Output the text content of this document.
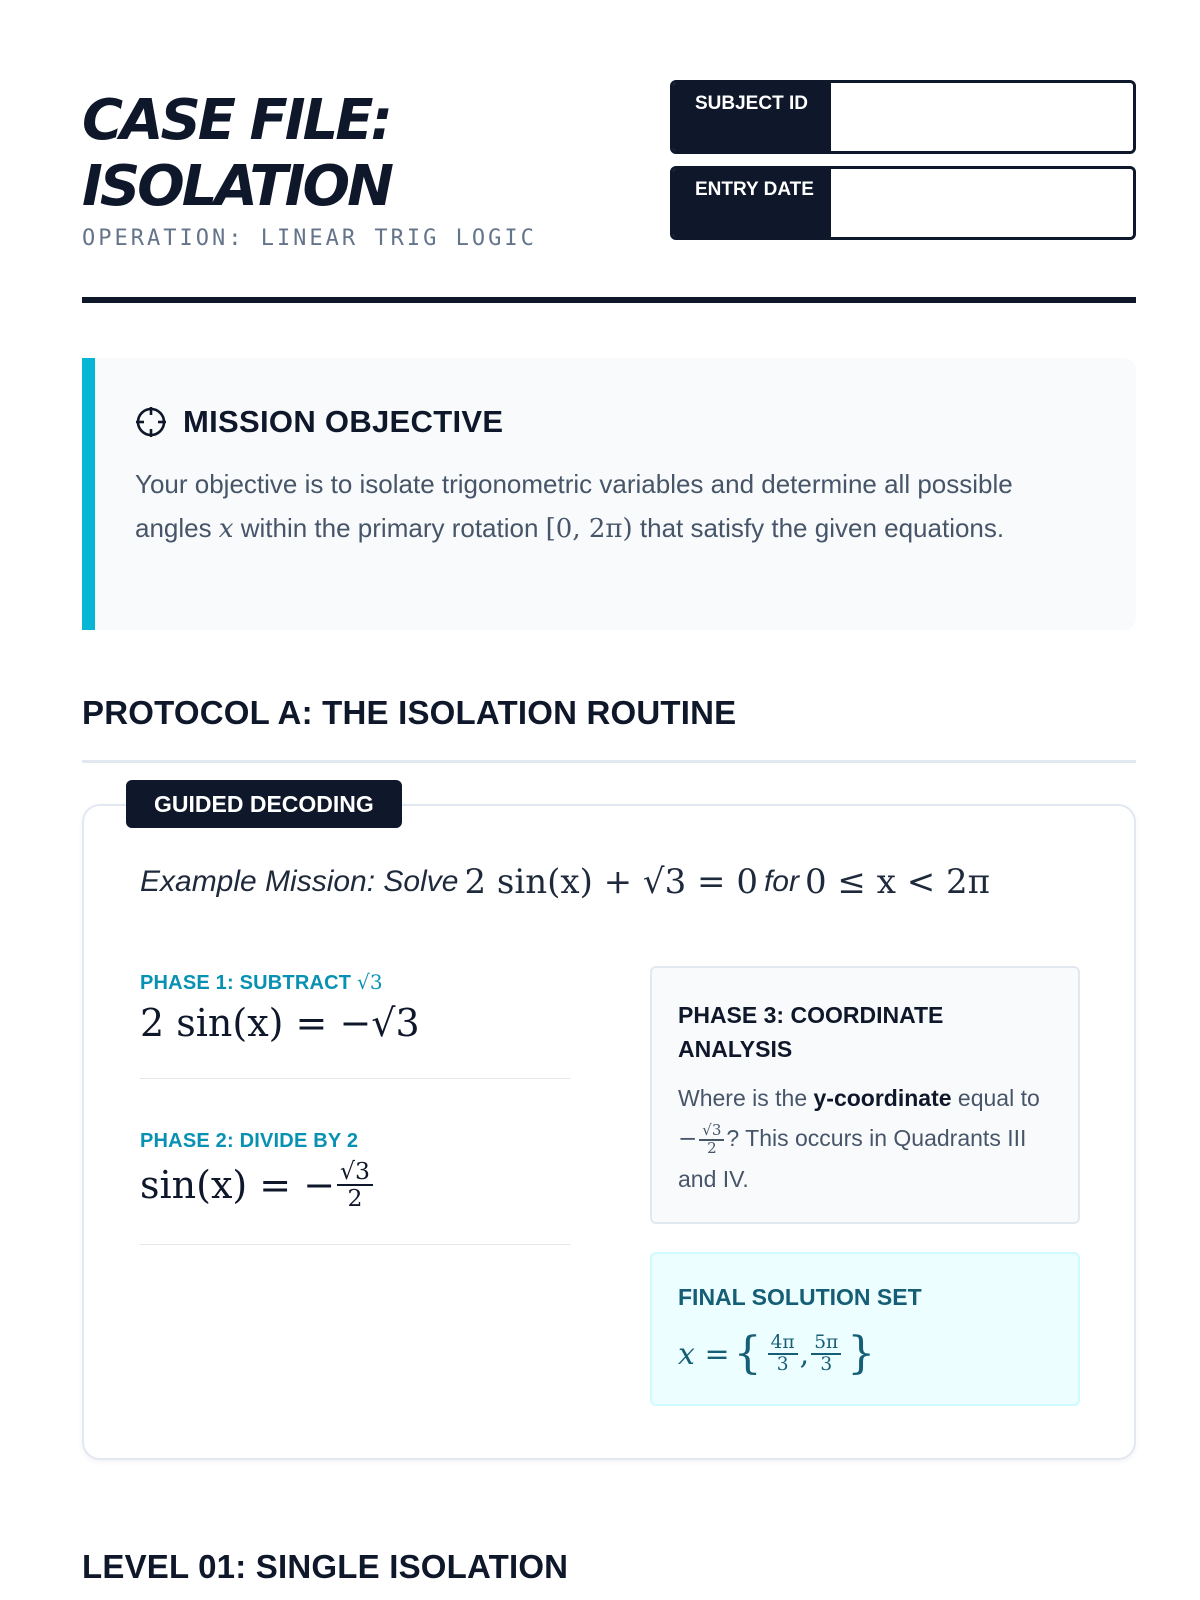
CASE FILE:
ISOLATION
OPERATION: LINEAR TRIG LOGIC
SUBJECT ID
ENTRY DATE
MISSION OBJECTIVE
Your objective is to isolate trigonometric variables and determine all possible angles x within the primary rotation [0, 2π) that satisfy the given equations.
PROTOCOL A: THE ISOLATION ROUTINE
GUIDED DECODING
Example Mission: Solve 2 sin(x) + √3 = 0 for 0 ≤ x < 2π
PHASE 1: SUBTRACT √3
2 sin(x) = −√3
PHASE 2: DIVIDE BY 2
sin(x) = − $\frac{√3}{2}$
PHASE 3: COORDINATE ANALYSIS
Where is the y-coordinate equal to − $\frac{√3}{2}$ ? This occurs in Quadrants III and IV.
FINAL SOLUTION SET
x = { $\frac{4\pi}{3}$ , $\frac{5\pi}{3}$ }
LEVEL 01: SINGLE ISOLATION
